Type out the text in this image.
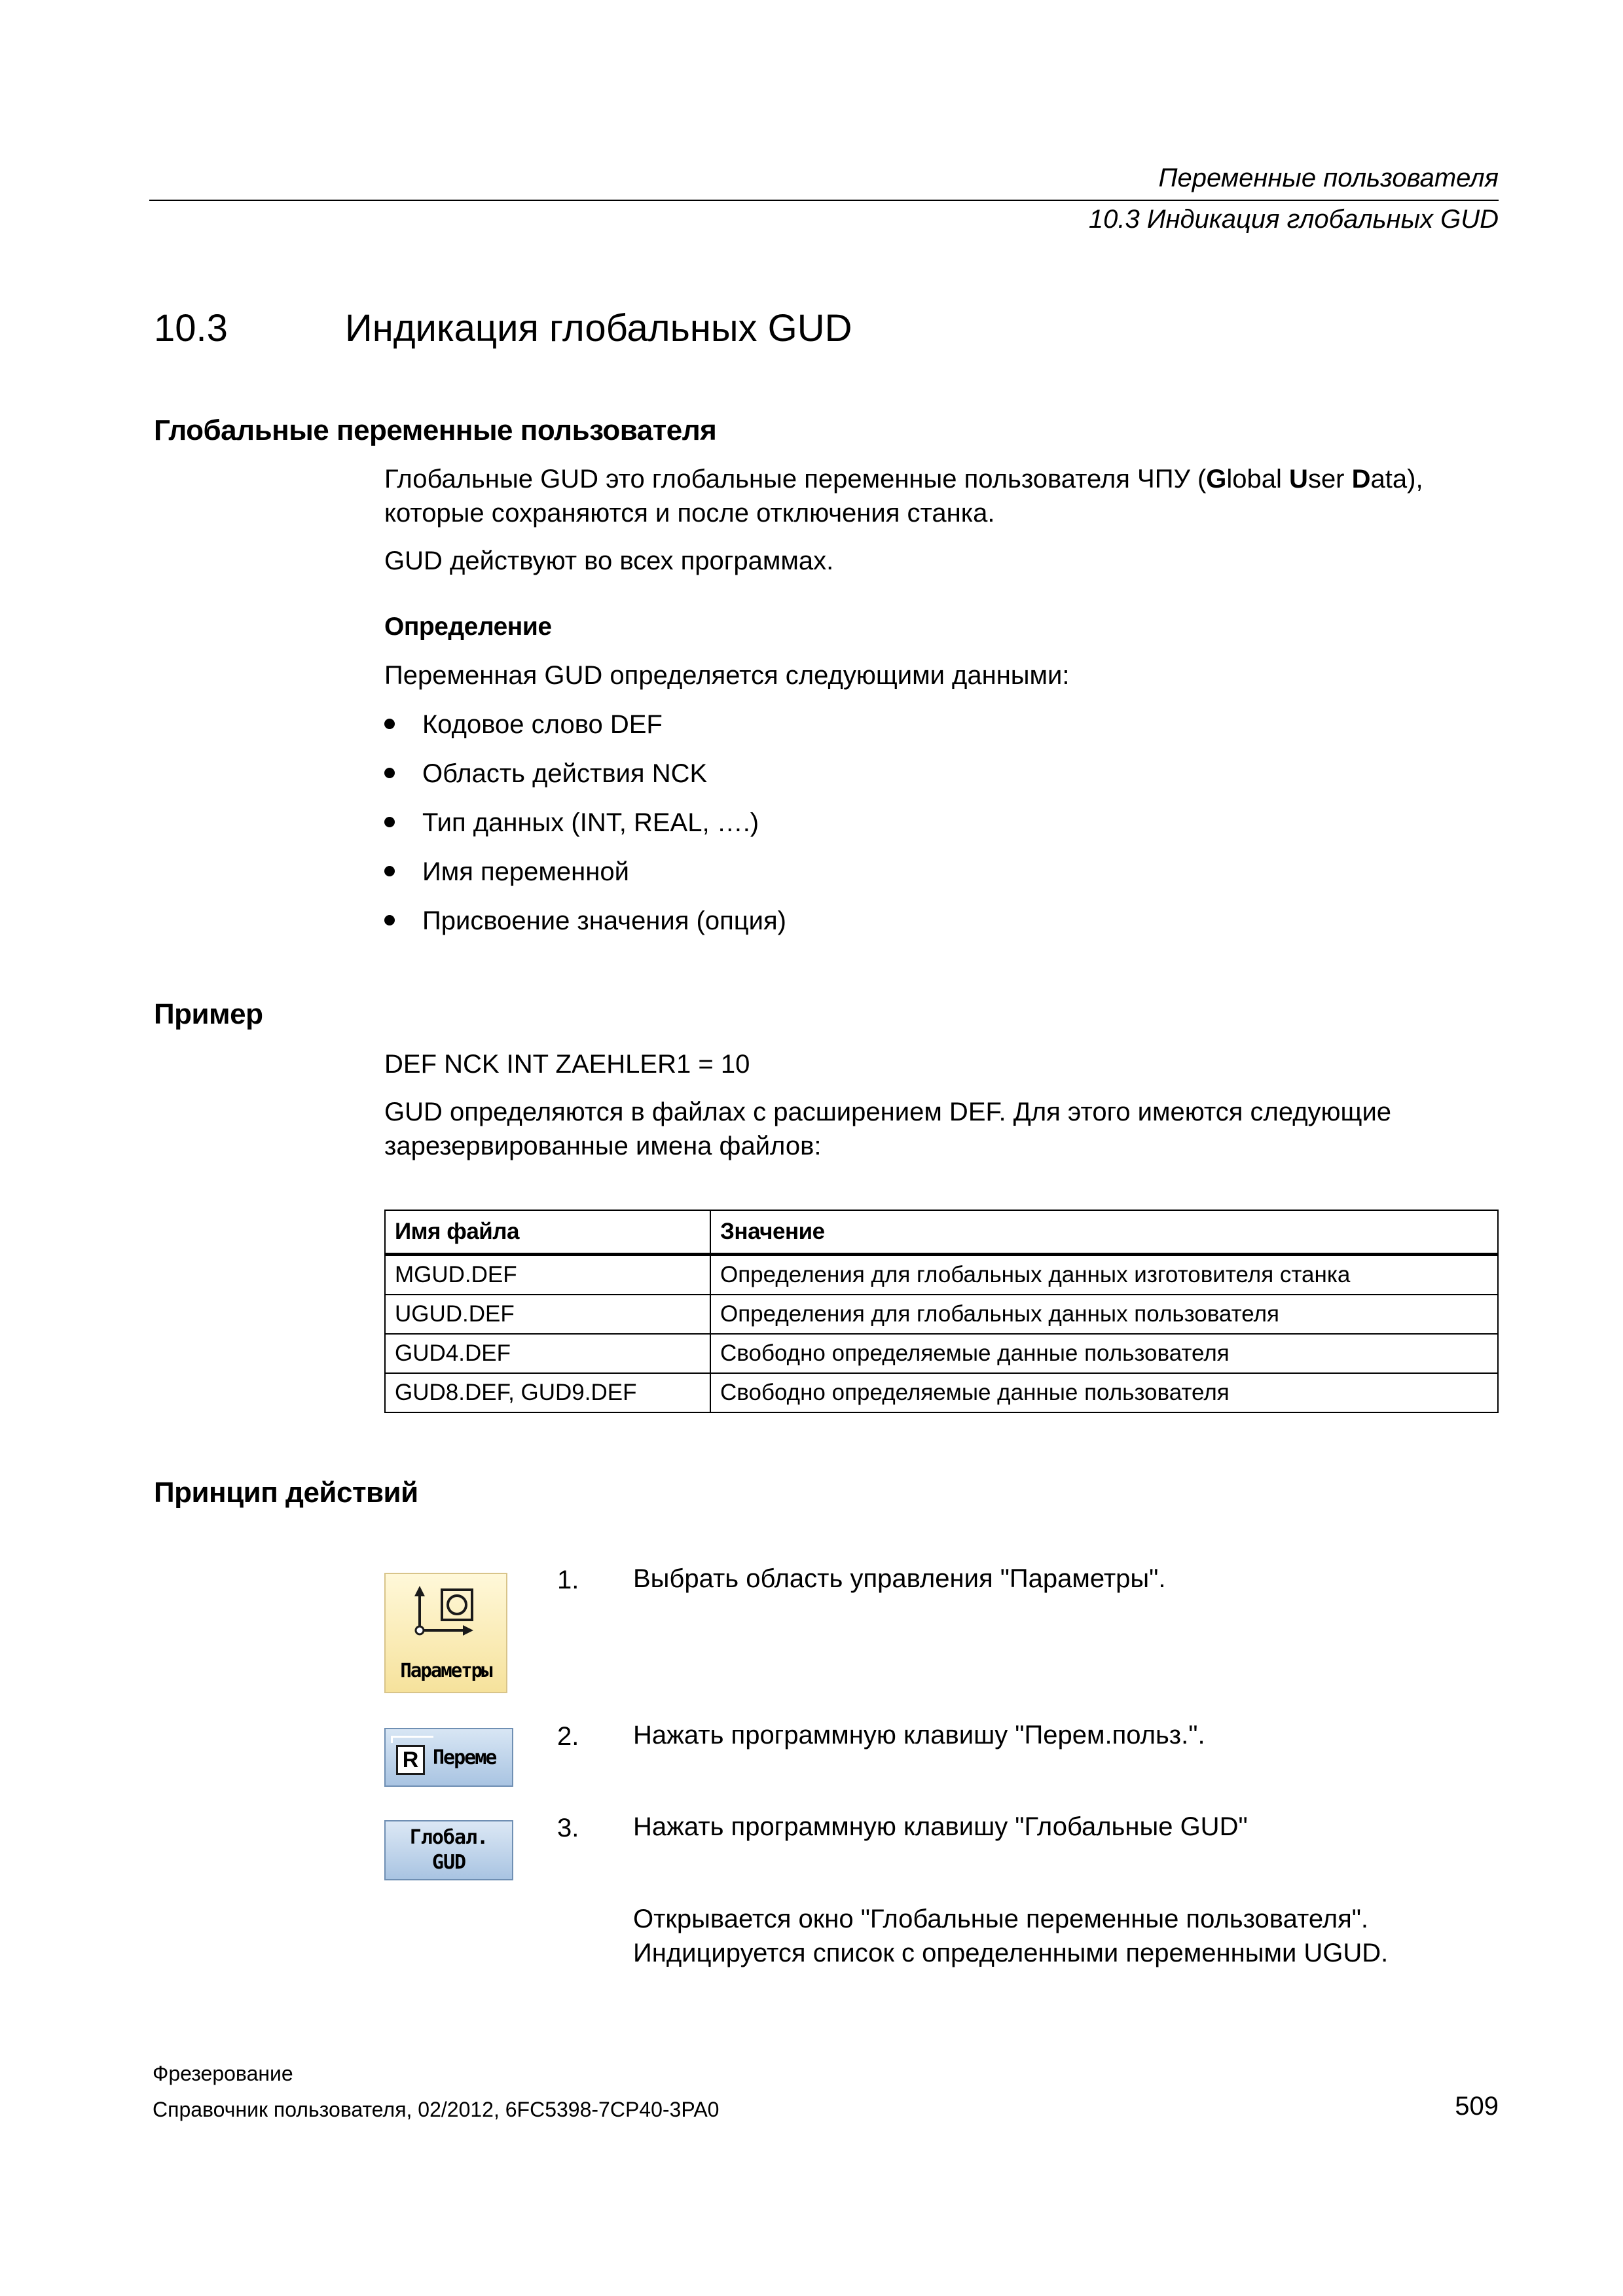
Переменные пользователя
10.3 Индикация глобальных GUD
10.3	Индикация глобальных GUD
Глобальные переменные пользователя
Глобальные GUD это глобальные переменные пользователя ЧПУ (Global User Data),
которые сохраняются и после отключения станка.
GUD действуют во всех программах.
Определение
Переменная GUD определяется следующими данными:
Кодовое слово DEF
Область действия NCK
Тип данных (INT, REAL, ….)
Имя переменной
Присвоение значения (опция)
Пример
DEF NCK INT ZAEHLER1 = 10
GUD определяются в файлах с расширением DEF. Для этого имеются следующие
зарезервированные имена файлов:
Имя файла	Значение
MGUD.DEF	Определения для глобальных данных изготовителя станка
UGUD.DEF	Определения для глобальных данных пользователя
GUD4.DEF	Свободно определяемые данные пользователя
GUD8.DEF, GUD9.DEF	Свободно определяемые данные пользователя
Принцип действий
Параметры
R Переме
Глобал.
GUD
1. Выбрать область управления "Параметры".
2. Нажать программную клавишу "Перем.польз.".
3. Нажать программную клавишу "Глобальные GUD"
Открывается окно "Глобальные переменные пользователя".
Индицируется список с определенными переменными UGUD.
Фрезерование
Справочник пользователя, 02/2012, 6FC5398-7CP40-3PA0	509
